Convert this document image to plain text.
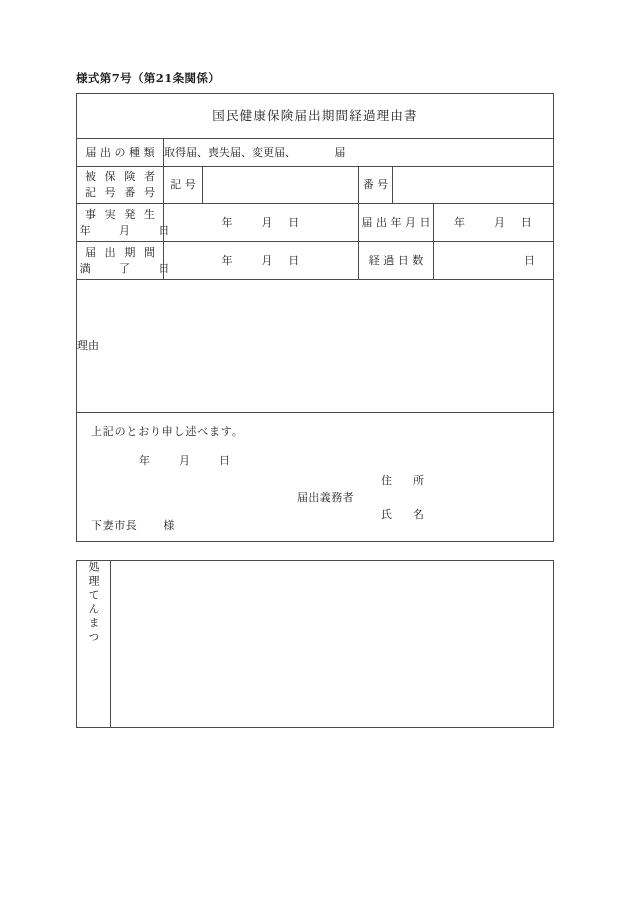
様式第7号（第21条関係）
国民健康保険届出期間経過理由書					
届 出 の 種 類	取得届、喪失届、変更届、　　　　届				

被 保 険 者
記 号 番 号	記 号		番 号		

事 実 発 生
年 　 月 　 日	年 月 日		届 出 年 月 日		年 月 日

届 出 期 間
満 　 了 　 日	年 月 日		経 過 日 数		日

理由					

上記のとおり申し述べます。
年	月	日
住　所
届出義務者
氏　名
下妻市長 様
処理てんまつ	
